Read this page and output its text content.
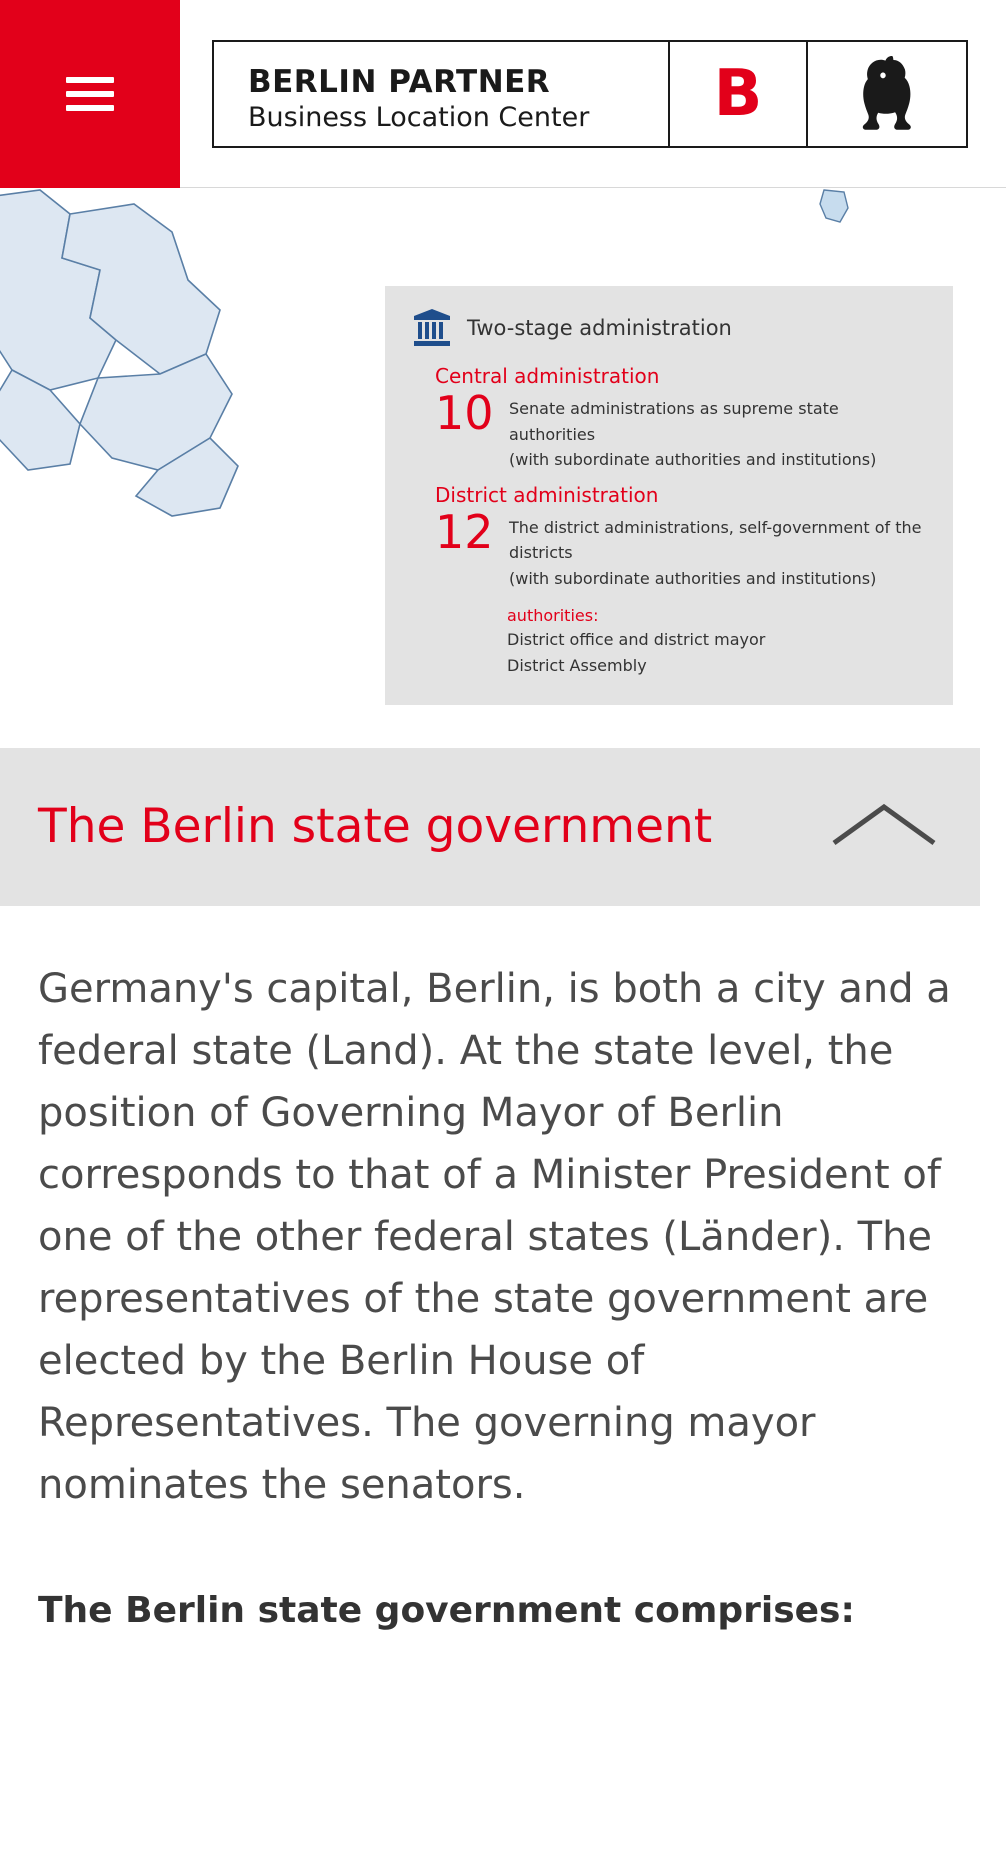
BERLIN PARTNER
Business Location Center	B
Two-stage administration
Central administration
10 Senate administrations as supreme state authorities
(with subordinate authorities and institutions)
District administration
12 The district administrations, self-government of the districts
(with subordinate authorities and institutions)
authorities:
District office and district mayor
District Assembly
The Berlin state government

Germany's capital, Berlin, is both a city and a federal state (Land). At the state level, the position of Governing Mayor of Berlin corresponds to that of a Minister President of one of the other federal states (Länder). The representatives of the state government are elected by the Berlin House of Representatives. The governing mayor nominates the senators.

The Berlin state government comprises:
